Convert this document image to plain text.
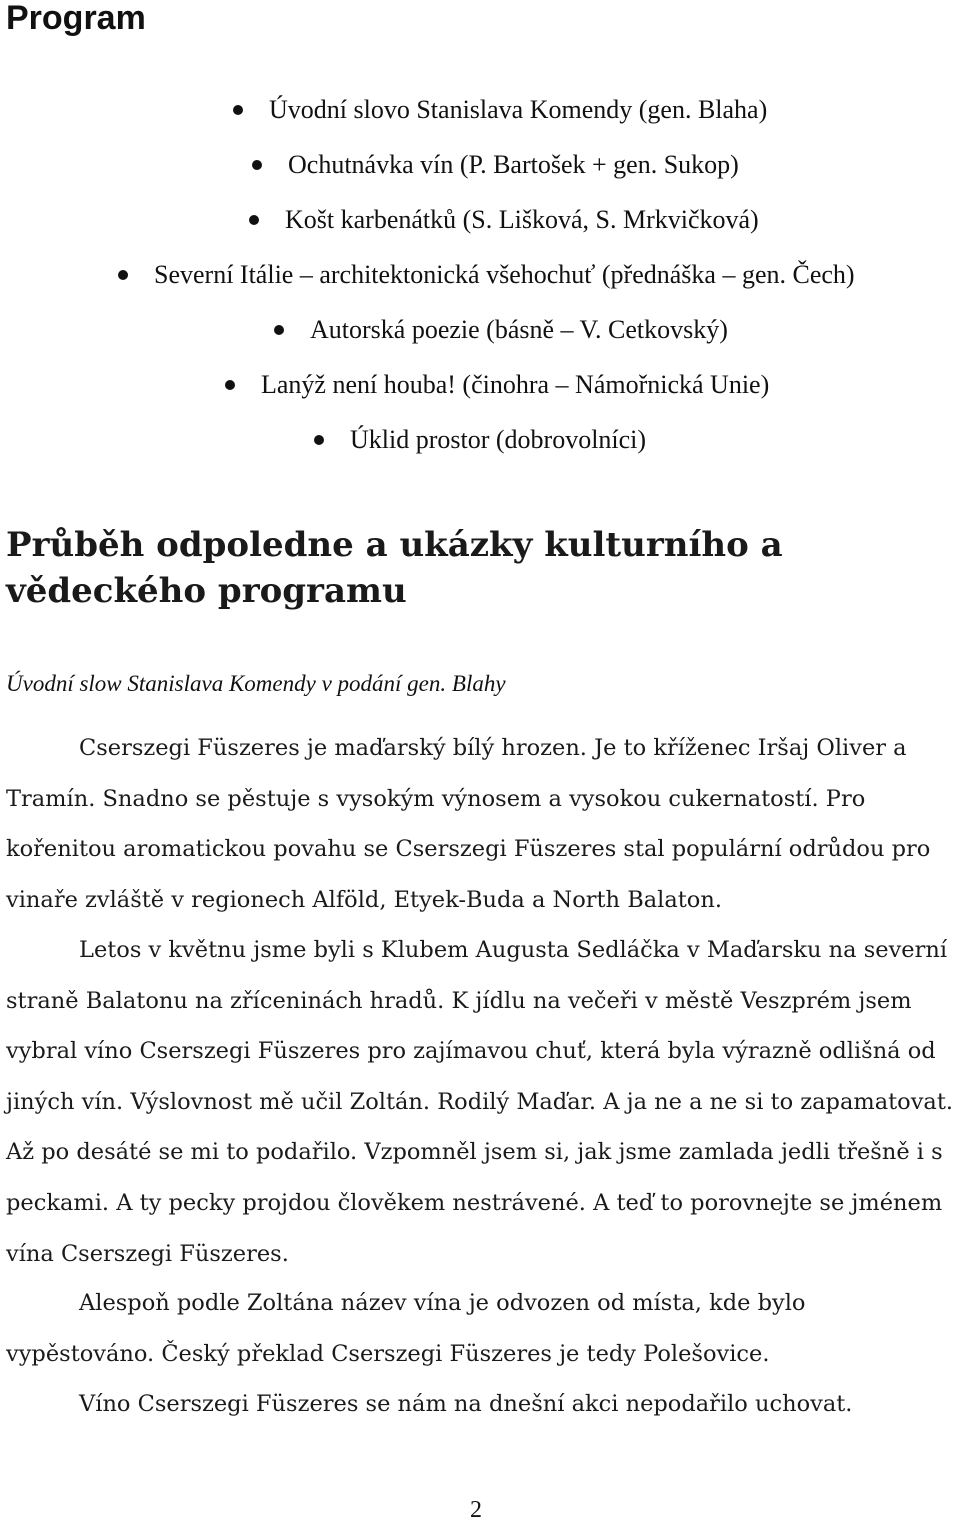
Program
Úvodní slovo Stanislava Komendy (gen. Blaha)
Ochutnávka vín (P. Bartošek + gen. Sukop)
Košt karbenátků (S. Lišková, S. Mrkvičková)
Severní Itálie – architektonická všehochuť (přednáška – gen. Čech)
Autorská poezie (básně – V. Cetkovský)
Lanýž není houba! (činohra – Námořnická Unie)
Úklid prostor (dobrovolníci)
Průběh odpoledne a ukázky kulturního a vědeckého programu

Úvodní slow Stanislava Komendy v podání gen. Blahy

Cserszegi Füszeres je maďarský bílý hrozen. Je to kříženec Iršaj Oliver a Tramín. Snadno se pěstuje s vysokým výnosem a vysokou cukernatostí. Pro kořenitou aromatickou povahu se Cserszegi Füszeres stal populární odrůdou pro vinaře zvláště v regionech Alföld, Etyek-Buda a North Balaton.

Letos v květnu jsme byli s Klubem Augusta Sedláčka v Maďarsku na severní straně Balatonu na zříceninách hradů. K jídlu na večeři v městě Veszprém jsem vybral víno Cserszegi Füszeres pro zajímavou chuť, která byla výrazně odlišná od jiných vín. Výslovnost mě učil Zoltán. Rodilý Maďar. A ja ne a ne si to zapamatovat. Až po desáté se mi to podařilo. Vzpomněl jsem si, jak jsme zamlada jedli třešně i s peckami. A ty pecky projdou člověkem nestrávené. A teď to porovnejte se jménem vína Cserszegi Füszeres.

Alespoň podle Zoltána název vína je odvozen od místa, kde bylo vypěstováno. Český překlad Cserszegi Füszeres je tedy Polešovice.

Víno Cserszegi Füszeres se nám na dnešní akci nepodařilo uchovat.

2
